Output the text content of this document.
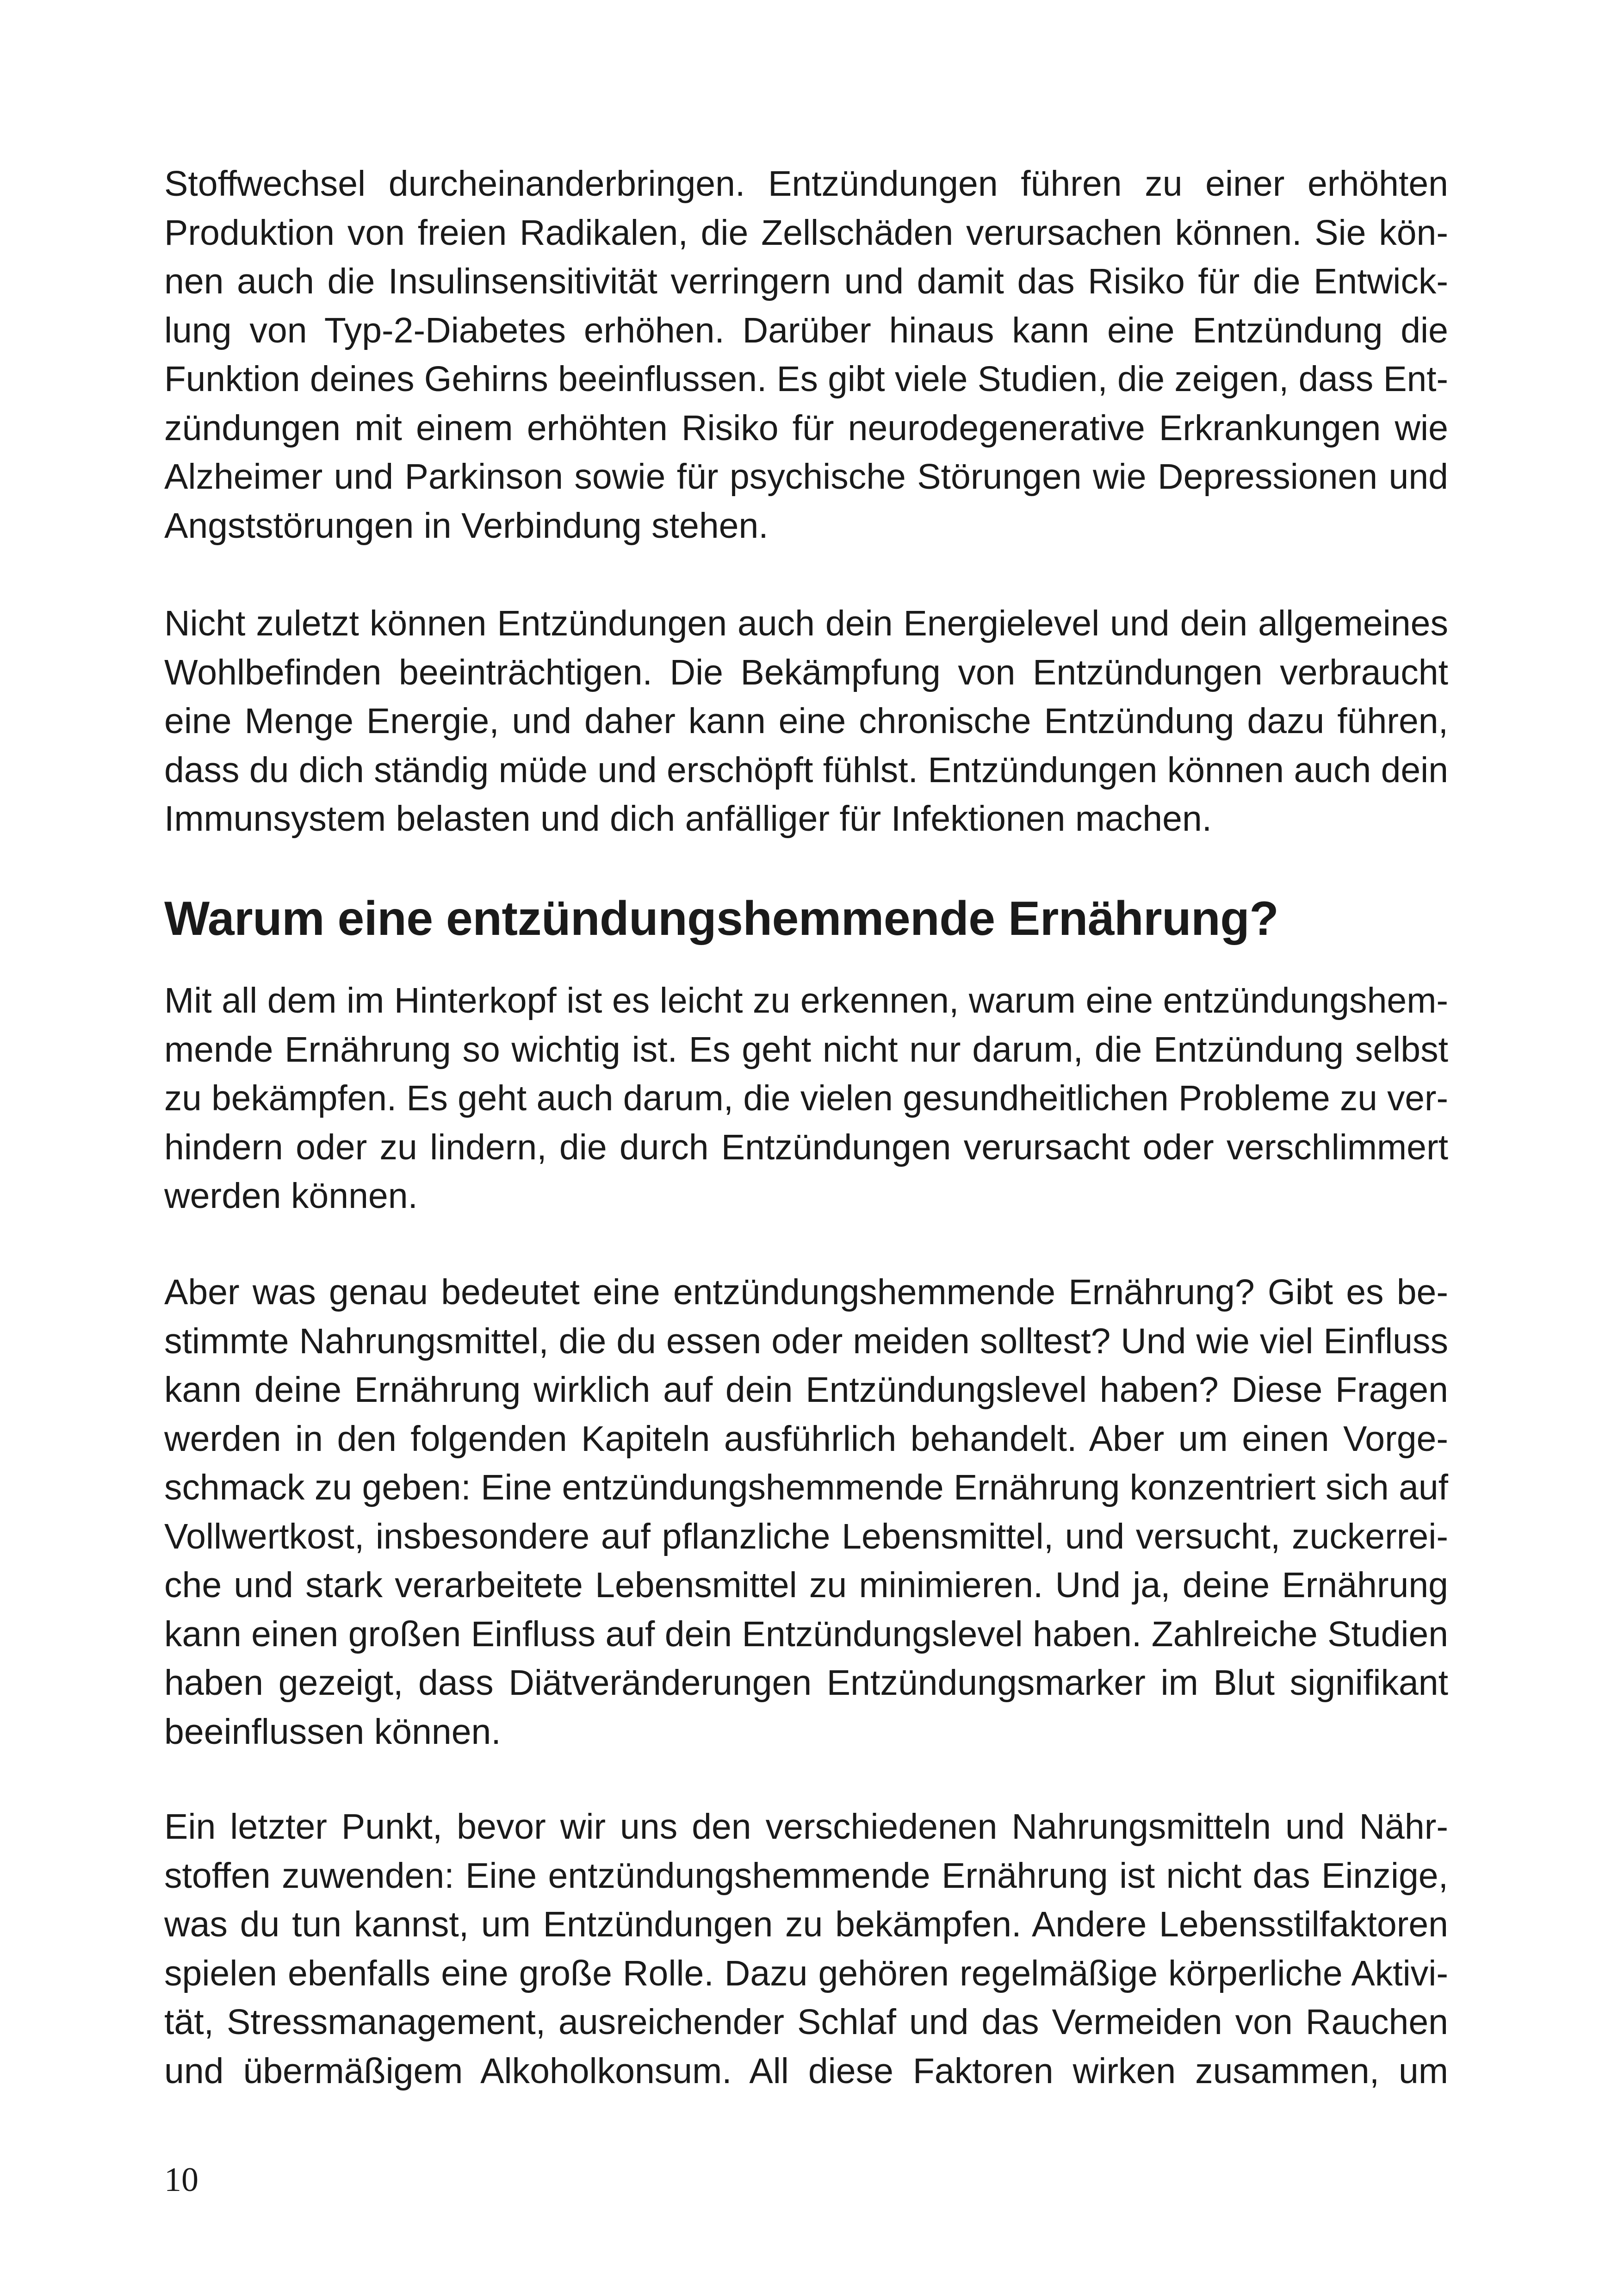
Stoffwechsel durcheinanderbringen. Entzündungen führen zu einer erhöhten
Produktion von freien Radikalen, die Zellschäden verursachen können. Sie kön-
nen auch die Insulinsensitivität verringern und damit das Risiko für die Entwick-
lung von Typ-2-Diabetes erhöhen. Darüber hinaus kann eine Entzündung die
Funktion deines Gehirns beeinflussen. Es gibt viele Studien, die zeigen, dass Ent-
zündungen mit einem erhöhten Risiko für neurodegenerative Erkrankungen wie
Alzheimer und Parkinson sowie für psychische Störungen wie Depressionen und
Angststörungen in Verbindung stehen.
Nicht zuletzt können Entzündungen auch dein Energielevel und dein allgemeines
Wohlbefinden beeinträchtigen. Die Bekämpfung von Entzündungen verbraucht
eine Menge Energie, und daher kann eine chronische Entzündung dazu führen,
dass du dich ständig müde und erschöpft fühlst. Entzündungen können auch dein
Immunsystem belasten und dich anfälliger für Infektionen machen.
Warum eine entzündungshemmende Ernährung?
Mit all dem im Hinterkopf ist es leicht zu erkennen, warum eine entzündungshem-
mende Ernährung so wichtig ist. Es geht nicht nur darum, die Entzündung selbst
zu bekämpfen. Es geht auch darum, die vielen gesundheitlichen Probleme zu ver-
hindern oder zu lindern, die durch Entzündungen verursacht oder verschlimmert
werden können.
Aber was genau bedeutet eine entzündungshemmende Ernährung? Gibt es be-
stimmte Nahrungsmittel, die du essen oder meiden solltest? Und wie viel Einfluss
kann deine Ernährung wirklich auf dein Entzündungslevel haben? Diese Fragen
werden in den folgenden Kapiteln ausführlich behandelt. Aber um einen Vorge-
schmack zu geben: Eine entzündungshemmende Ernährung konzentriert sich auf
Vollwertkost, insbesondere auf pflanzliche Lebensmittel, und versucht, zuckerrei-
che und stark verarbeitete Lebensmittel zu minimieren. Und ja, deine Ernährung
kann einen großen Einfluss auf dein Entzündungslevel haben. Zahlreiche Studien
haben gezeigt, dass Diätveränderungen Entzündungsmarker im Blut signifikant
beeinflussen können.
Ein letzter Punkt, bevor wir uns den verschiedenen Nahrungsmitteln und Nähr-
stoffen zuwenden: Eine entzündungshemmende Ernährung ist nicht das Einzige,
was du tun kannst, um Entzündungen zu bekämpfen. Andere Lebensstilfaktoren
spielen ebenfalls eine große Rolle. Dazu gehören regelmäßige körperliche Aktivi-
tät, Stressmanagement, ausreichender Schlaf und das Vermeiden von Rauchen
und übermäßigem Alkoholkonsum. All diese Faktoren wirken zusammen, um
10
